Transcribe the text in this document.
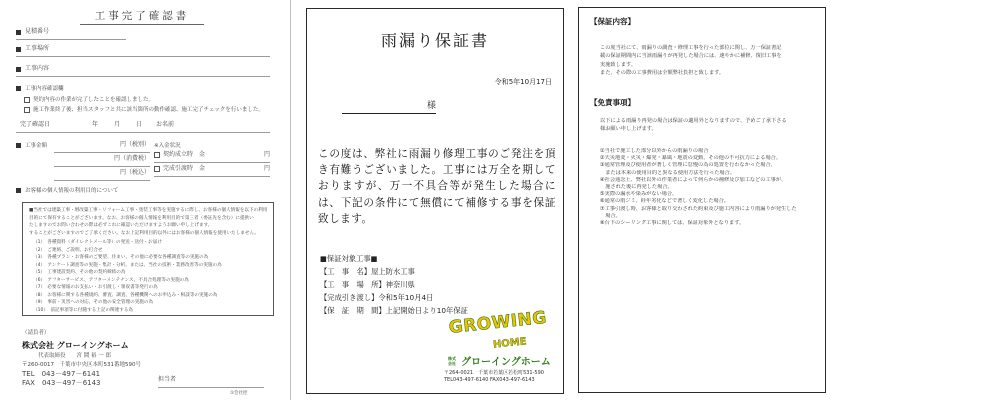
工事完了確認書
見積番号
工事場所
工事内容
工事内容確認欄
契約内容の作業が完了したことを確認しました。
施工作業終了後、担当スタッフと共に該当箇所の動作確認、施工完了チェックを行いました。
完了確認日	年	月	日 お名前
工事金額	円（税別）
円（消費税）
円（税込）
※入金状況
契約成立時　金	円
完成引渡時　金	円
お客様の個人情報の利用目的について
■当社では建築工事・増改築工事・リフォーム工事・塗装工事等を実施するに際し、お客様の個人情報を以下の利用
目的にて保有することがございます。なお、お客様の個人情報を利用目的で第三者（委託先を含む）に提供い
たしますのでお問い合わせの際は必ずこれに確認いただけますようお願い申し上げます。
することがございますのでご了承ください。なお上記利用目的以外にはお客様の個人情報を使用いたしません。
（1）　各種資料（ダイレクトメール等）の発送・送付・お届け
（2）　ご連絡、ご説明、お打合せ
（3）　各種プラン・お客様のご要望、住まい、その他に必要な各種調査等の実施の為
（4）　アンケート調査等の実施・集計・分析、または、当社の技術・業務改善等の実施の為
（5）　工事建設契約、その他の契約締結の為
（6）　アフターサービス、アフターメンテナンス、不具合処理等の実施の為
（7）　必要な情報のお支払い・お引渡し・領収書等発行の為
（8）　お客様に関する各種規約、審査、調査、各種機関へのお申込み・相談等の実施の為
（9）　事前・災害への対応、その他の安全管理の実施の為
（10）　前記事項等に付随する上記の関連する為
（請負者）
株式会社 グローイングホーム
代表取締役　　宮 鬨 裕 一 郎
〒260-0017　千葉市中央区本町531番地590号
TEL　043－497－6141
FAX　043－497－6143	担当者
①会社控
雨漏り保証書
令和5年10月17日
様
この度は、弊社に雨漏り修理工事のご発注を頂き有難うございました。工事には万全を期しておりますが、万一不具合等が発生した場合には、下記の条件にて無償にて補修する事を保証致します。
■保証対象工事■
【工　事　名】屋上防水工事
【工　事　場　所】神奈川県
【完成引き渡し】令和5年10月4日
【保　証　期　間】上記開始日より10年保証
GROWING
HOME
株式会社 グローイングホーム
〒264-0021　千葉市若葉区若松町531-590
TEL043-497-6140 FAX043-497-6143
【保証内容】
この度当社にて、雨漏りの調査・修理工事を行った部位に関し、万一保証書記
載の保証期間内に当該雨漏りが再発した場合には、速やかに補修、復旧工事を
実施致します。
また、その際の工事費用は全額弊社負担と致します。
【免責事項】
以下による雨漏り再発の場合は保証の適用外となりますので、予めご了承下さる
様お願い申し上げます。
①当社で施工した部分以外からの雨漏りの場合
②天災地変・火災・爆発・暴風・地震の変動、その他の不可抗力による場合。
③通常管理及び使用者が著しく管理に怠慢の為の処置を行わなかった場合、
　または本来の使用目的と異なる使用方法を行った場合。
④社会通念上、弊社以外の作業者によって何らかの補修及び加工などの工事が、
　施された後に再発した場合。
⑤実際の漏水や染みがない場合。
⑥通常の雨ジミ、経年劣化などで著しく変化した場合。
⑦工事引渡し時、お客様と取り交わされた約束及び施工内容により雨漏りが発生した
　場合。
⑧台下のシーリング工事に関しては、保証対象外となります。
